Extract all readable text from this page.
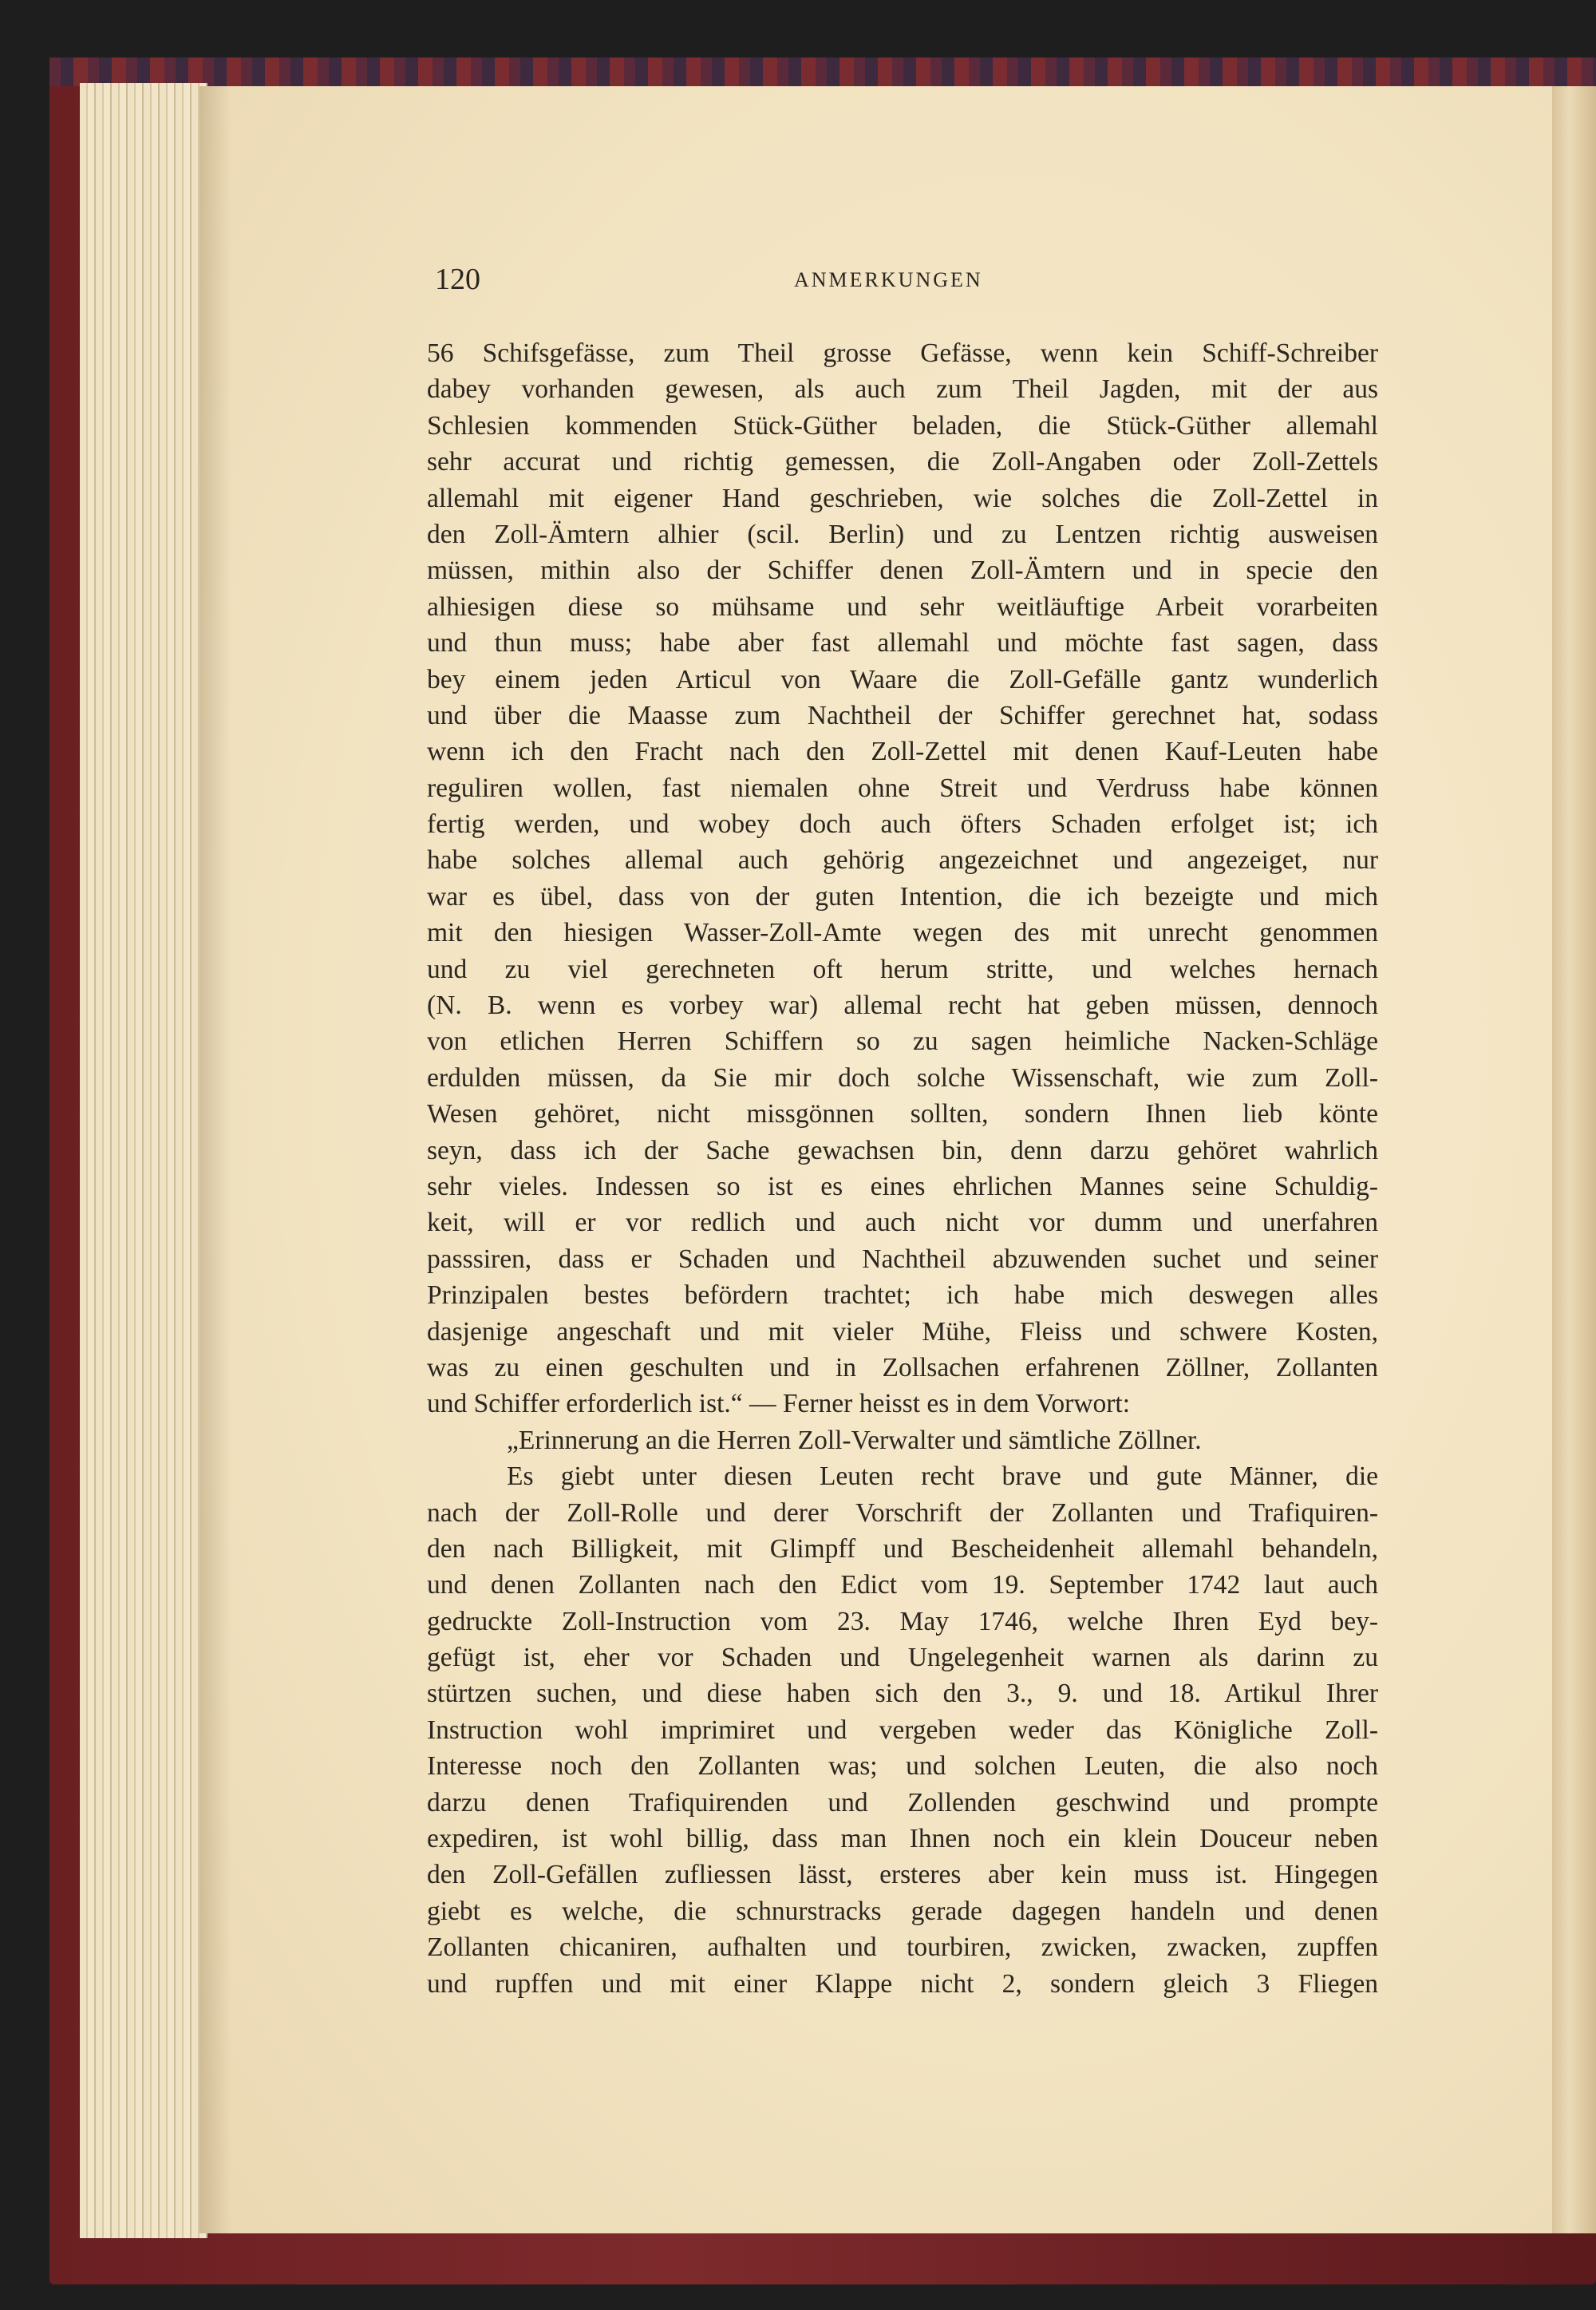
120	ANMERKUNGEN
56 Schifsgefässe, zum Theil grosse Gefässe, wenn kein Schiff-Schreiber
dabey vorhanden gewesen, als auch zum Theil Jagden, mit der aus
Schlesien kommenden Stück-Güther beladen, die Stück-Güther allemahl
sehr accurat und richtig gemessen, die Zoll-Angaben oder Zoll-Zettels
allemahl mit eigener Hand geschrieben, wie solches die Zoll-Zettel in
den Zoll-Ämtern alhier (scil. Berlin) und zu Lentzen richtig ausweisen
müssen, mithin also der Schiffer denen Zoll-Ämtern und in specie den
alhiesigen diese so mühsame und sehr weitläuftige Arbeit vorarbeiten
und thun muss; habe aber fast allemahl und möchte fast sagen, dass
bey einem jeden Articul von Waare die Zoll-Gefälle gantz wunderlich
und über die Maasse zum Nachtheil der Schiffer gerechnet hat, sodass
wenn ich den Fracht nach den Zoll-Zettel mit denen Kauf-Leuten habe
reguliren wollen, fast niemalen ohne Streit und Verdruss habe können
fertig werden, und wobey doch auch öfters Schaden erfolget ist; ich
habe solches allemal auch gehörig angezeichnet und angezeiget, nur
war es übel, dass von der guten Intention, die ich bezeigte und mich
mit den hiesigen Wasser-Zoll-Amte wegen des mit unrecht genommen
und zu viel gerechneten oft herum stritte, und welches hernach
(N. B. wenn es vorbey war) allemal recht hat geben müssen, dennoch
von etlichen Herren Schiffern so zu sagen heimliche Nacken-Schläge
erdulden müssen, da Sie mir doch solche Wissenschaft, wie zum Zoll-
Wesen gehöret, nicht missgönnen sollten, sondern Ihnen lieb könte
seyn, dass ich der Sache gewachsen bin, denn darzu gehöret wahrlich
sehr vieles. Indessen so ist es eines ehrlichen Mannes seine Schuldig-
keit, will er vor redlich und auch nicht vor dumm und unerfahren
passsiren, dass er Schaden und Nachtheil abzuwenden suchet und seiner
Prinzipalen bestes befördern trachtet; ich habe mich deswegen alles
dasjenige angeschaft und mit vieler Mühe, Fleiss und schwere Kosten,
was zu einen geschulten und in Zollsachen erfahrenen Zöllner, Zollanten
und Schiffer erforderlich ist.“ — Ferner heisst es in dem Vorwort:
„Erinnerung an die Herren Zoll-Verwalter und sämtliche Zöllner.
Es giebt unter diesen Leuten recht brave und gute Männer, die
nach der Zoll-Rolle und derer Vorschrift der Zollanten und Trafiquiren-
den nach Billigkeit, mit Glimpff und Bescheidenheit allemahl behandeln,
und denen Zollanten nach den Edict vom 19. September 1742 laut auch
gedruckte Zoll-Instruction vom 23. May 1746, welche Ihren Eyd bey-
gefügt ist, eher vor Schaden und Ungelegenheit warnen als darinn zu
stürtzen suchen, und diese haben sich den 3., 9. und 18. Artikul Ihrer
Instruction wohl imprimiret und vergeben weder das Königliche Zoll-
Interesse noch den Zollanten was; und solchen Leuten, die also noch
darzu denen Trafiquirenden und Zollenden geschwind und prompte
expediren, ist wohl billig, dass man Ihnen noch ein klein Douceur neben
den Zoll-Gefällen zufliessen lässt, ersteres aber kein muss ist. Hingegen
giebt es welche, die schnurstracks gerade dagegen handeln und denen
Zollanten chicaniren, aufhalten und tourbiren, zwicken, zwacken, zupffen
und rupffen und mit einer Klappe nicht 2, sondern gleich 3 Fliegen
